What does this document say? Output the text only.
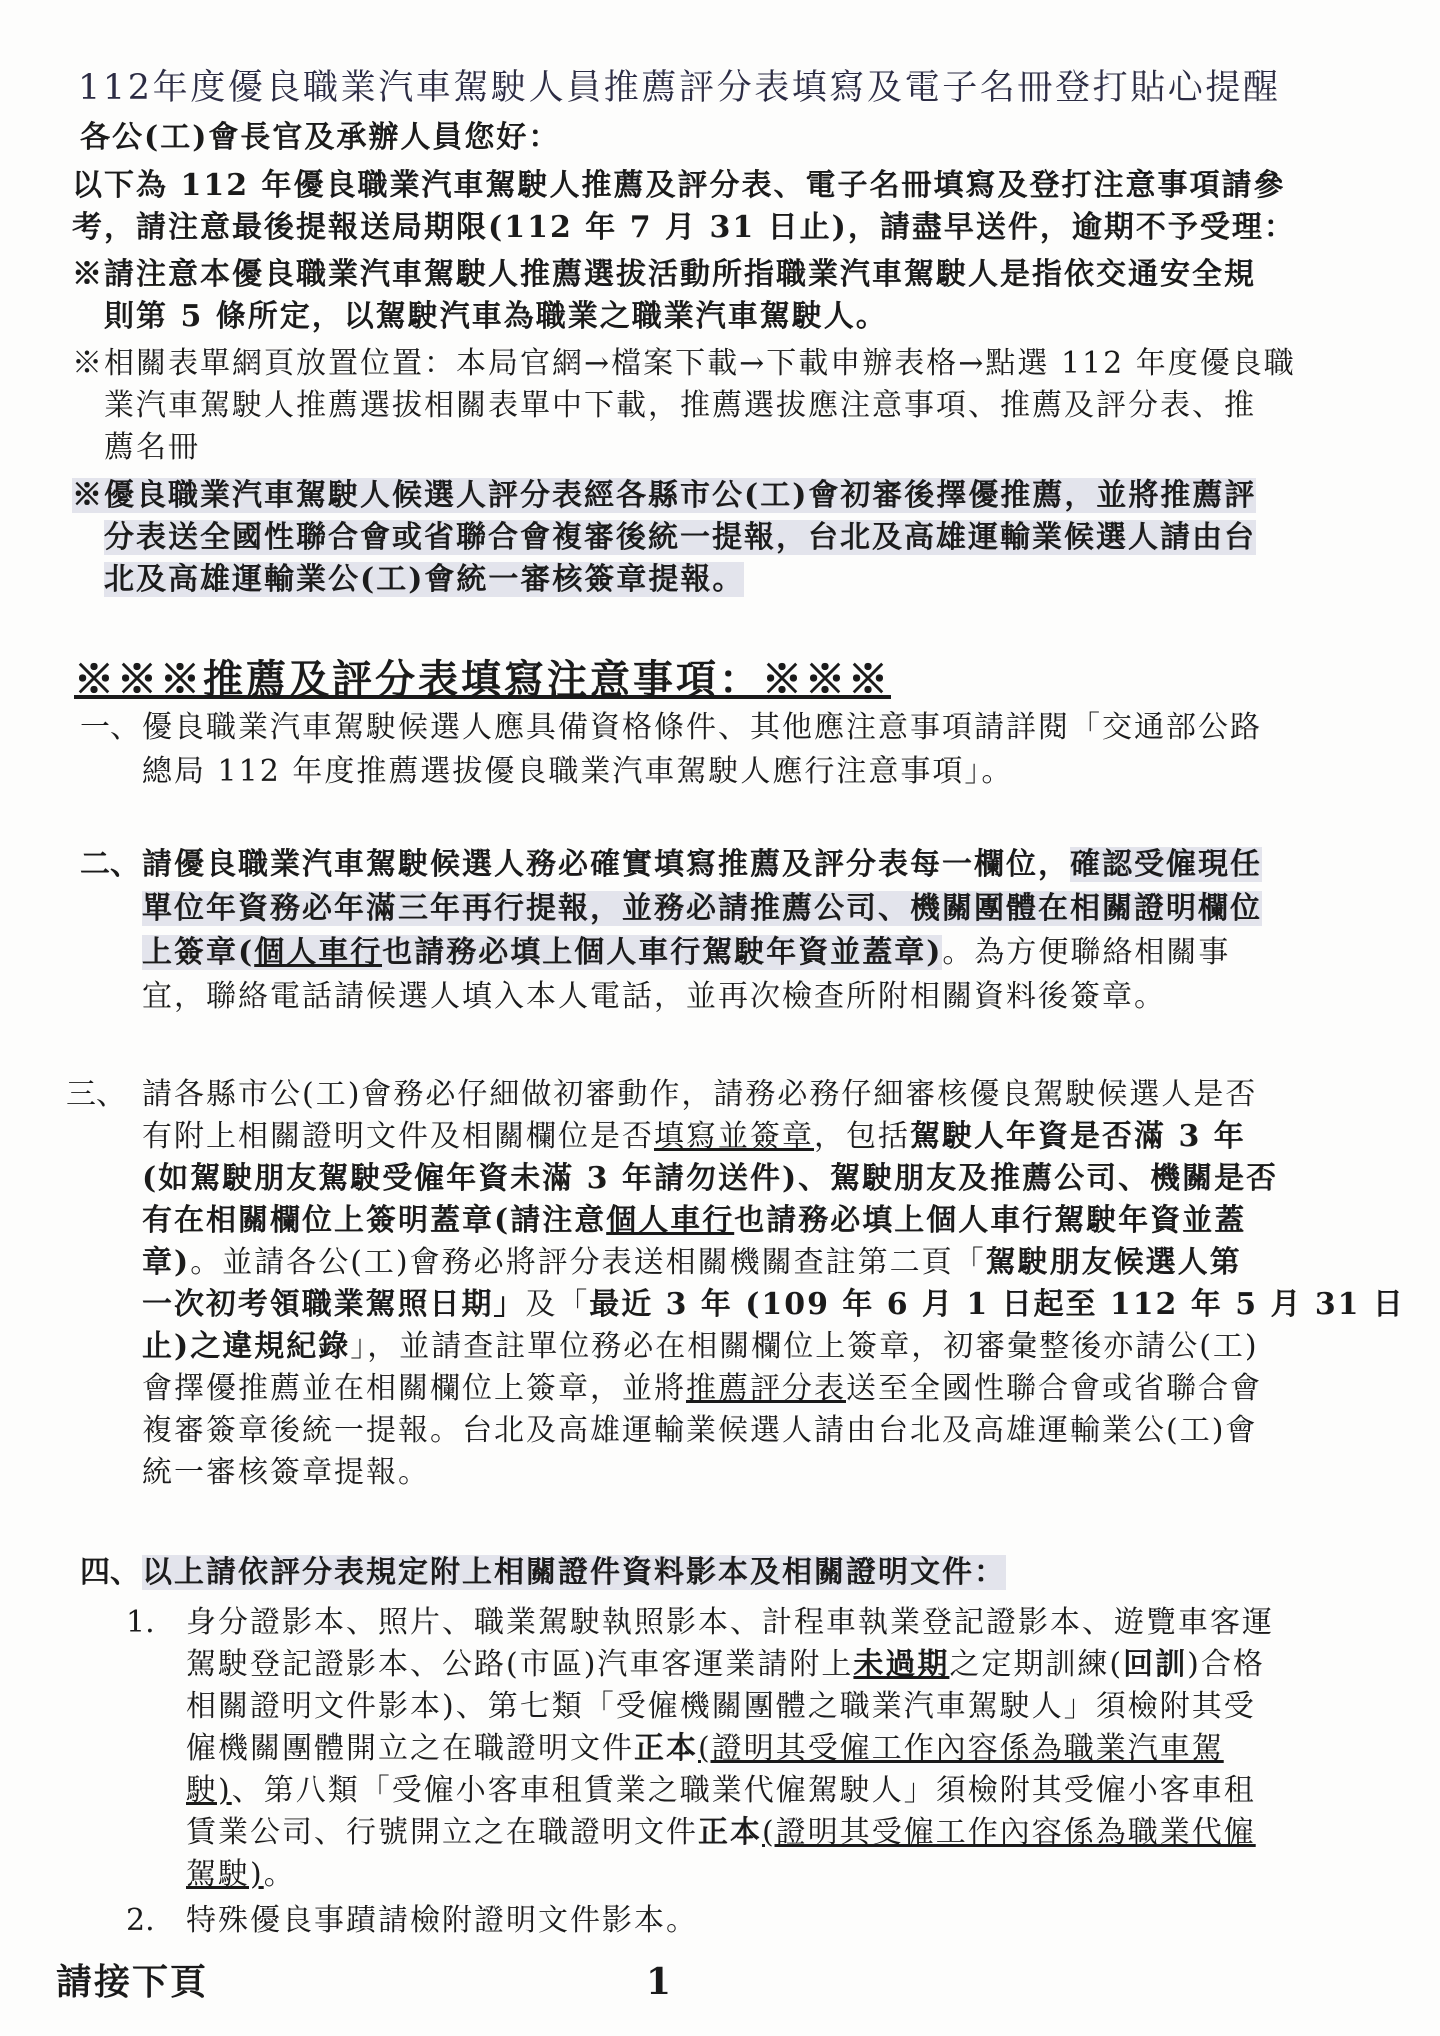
112年度優良職業汽車駕駛人員推薦評分表填寫及電子名冊登打貼心提醒
各公(工)會長官及承辦人員您好：
以下為 112 年優良職業汽車駕駛人推薦及評分表、電子名冊填寫及登打注意事項請參
考，請注意最後提報送局期限(112 年 7 月 31 日止)，請盡早送件，逾期不予受理：
※請注意本優良職業汽車駕駛人推薦選拔活動所指職業汽車駕駛人是指依交通安全規
則第 5 條所定，以駕駛汽車為職業之職業汽車駕駛人。
※相關表單網頁放置位置：本局官網→檔案下載→下載申辦表格→點選 112 年度優良職
業汽車駕駛人推薦選拔相關表單中下載，推薦選拔應注意事項、推薦及評分表、推
薦名冊
※優良職業汽車駕駛人候選人評分表經各縣市公(工)會初審後擇優推薦，並將推薦評
分表送全國性聯合會或省聯合會複審後統一提報，台北及高雄運輸業候選人請由台
北及高雄運輸業公(工)會統一審核簽章提報。
※※※推薦及評分表填寫注意事項：※※※
一、 優良職業汽車駕駛候選人應具備資格條件、其他應注意事項請詳閱「交通部公路
總局 112 年度推薦選拔優良職業汽車駕駛人應行注意事項」。
二、 請優良職業汽車駕駛候選人務必確實填寫推薦及評分表每一欄位，確認受僱現任
單位年資務必年滿三年再行提報，並務必請推薦公司、機關團體在相關證明欄位
上簽章(個人車行也請務必填上個人車行駕駛年資並蓋章)。為方便聯絡相關事
宜，聯絡電話請候選人填入本人電話，並再次檢查所附相關資料後簽章。
三、 請各縣市公(工)會務必仔細做初審動作，請務必務仔細審核優良駕駛候選人是否
有附上相關證明文件及相關欄位是否填寫並簽章，包括駕駛人年資是否滿 3 年
(如駕駛朋友駕駛受僱年資未滿 3 年請勿送件)、駕駛朋友及推薦公司、機關是否
有在相關欄位上簽明蓋章(請注意個人車行也請務必填上個人車行駕駛年資並蓋
章)。並請各公(工)會務必將評分表送相關機關查註第二頁「駕駛朋友候選人第
一次初考領職業駕照日期」及「最近 3 年 (109 年 6 月 1 日起至 112 年 5 月 31 日
止)之違規紀錄」，並請查註單位務必在相關欄位上簽章，初審彙整後亦請公(工)
會擇優推薦並在相關欄位上簽章，並將推薦評分表送至全國性聯合會或省聯合會
複審簽章後統一提報。台北及高雄運輸業候選人請由台北及高雄運輸業公(工)會
統一審核簽章提報。
四、 以上請依評分表規定附上相關證件資料影本及相關證明文件：
1. 身分證影本、照片、職業駕駛執照影本、計程車執業登記證影本、遊覽車客運
駕駛登記證影本、公路(市區)汽車客運業請附上未過期之定期訓練(回訓)合格
相關證明文件影本)、第七類「受僱機關團體之職業汽車駕駛人」須檢附其受
僱機關團體開立之在職證明文件正本(證明其受僱工作內容係為職業汽車駕
駛)、第八類「受僱小客車租賃業之職業代僱駕駛人」須檢附其受僱小客車租
賃業公司、行號開立之在職證明文件正本(證明其受僱工作內容係為職業代僱
駕駛)。
2. 特殊優良事蹟請檢附證明文件影本。
請接下頁	1
